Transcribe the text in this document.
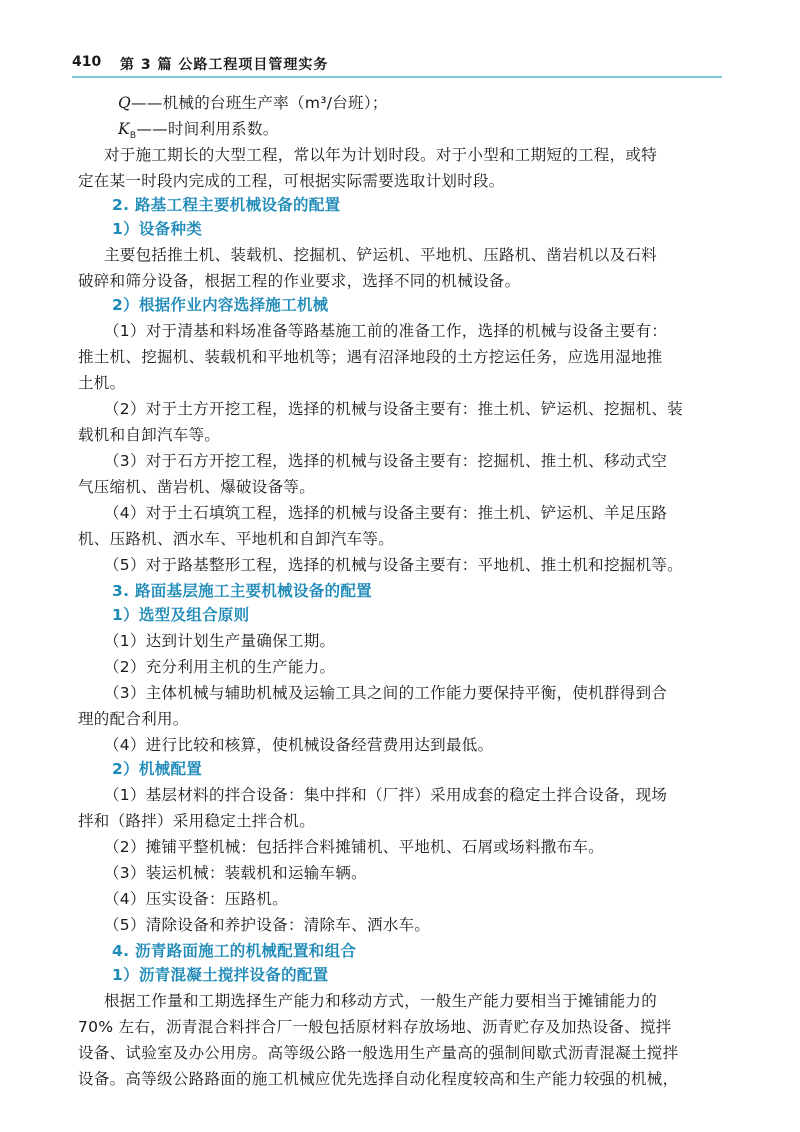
410 第 3 篇 公路工程项目管理实务
Q——机械的台班生产率（m³/台班）；
$K_B——$时间利用系数。
对于施工期长的大型工程，常以年为计划时段。对于小型和工期短的工程，或特
定在某一时段内完成的工程，可根据实际需要选取计划时段。
2. 路基工程主要机械设备的配置
1）设备种类
主要包括推土机、装载机、挖掘机、铲运机、平地机、压路机、凿岩机以及石料
破碎和筛分设备，根据工程的作业要求，选择不同的机械设备。
2）根据作业内容选择施工机械
（1）对于清基和料场准备等路基施工前的准备工作，选择的机械与设备主要有：
推土机、挖掘机、装载机和平地机等；遇有沼泽地段的土方挖运任务，应选用湿地推
土机。
（2）对于土方开挖工程，选择的机械与设备主要有：推土机、铲运机、挖掘机、装
载机和自卸汽车等。
（3）对于石方开挖工程，选择的机械与设备主要有：挖掘机、推土机、移动式空
气压缩机、凿岩机、爆破设备等。
（4）对于土石填筑工程，选择的机械与设备主要有：推土机、铲运机、羊足压路
机、压路机、洒水车、平地机和自卸汽车等。
（5）对于路基整形工程，选择的机械与设备主要有：平地机、推土机和挖掘机等。
3. 路面基层施工主要机械设备的配置
1）选型及组合原则
（1）达到计划生产量确保工期。
（2）充分利用主机的生产能力。
（3）主体机械与辅助机械及运输工具之间的工作能力要保持平衡，使机群得到合
理的配合利用。
（4）进行比较和核算，使机械设备经营费用达到最低。
2）机械配置
（1）基层材料的拌合设备：集中拌和（厂拌）采用成套的稳定土拌合设备，现场
拌和（路拌）采用稳定土拌合机。
（2）摊铺平整机械：包括拌合料摊铺机、平地机、石屑或场料撒布车。
（3）装运机械：装载机和运输车辆。
（4）压实设备：压路机。
（5）清除设备和养护设备：清除车、洒水车。
4. 沥青路面施工的机械配置和组合
1）沥青混凝土搅拌设备的配置
根据工作量和工期选择生产能力和移动方式，一般生产能力要相当于摊铺能力的
70% 左右，沥青混合料拌合厂一般包括原材料存放场地、沥青贮存及加热设备、搅拌
设备、试验室及办公用房。高等级公路一般选用生产量高的强制间歇式沥青混凝土搅拌
设备。高等级公路路面的施工机械应优先选择自动化程度较高和生产能力较强的机械，
